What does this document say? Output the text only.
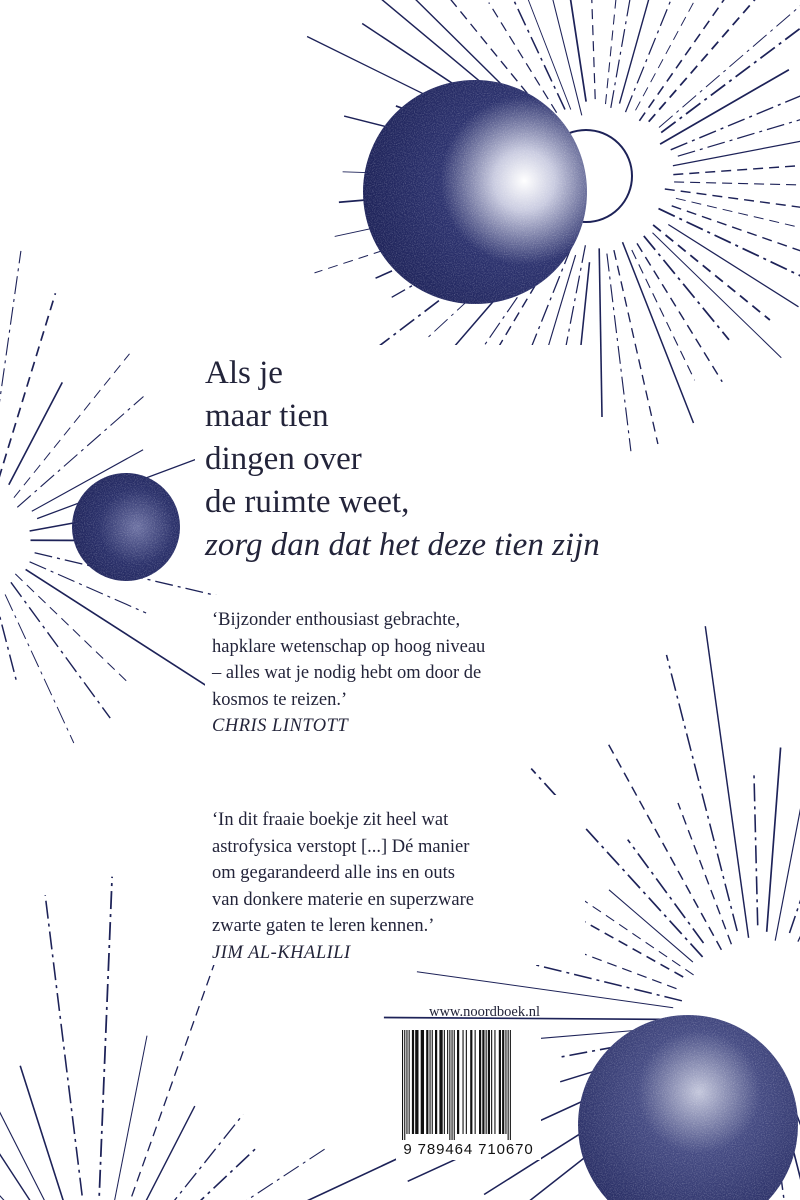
Als je
maar tien
dingen over
de ruimte weet,
zorg dan dat het deze tien zijn
‘Bijzonder enthousiast gebrachte,
hapklare wetenschap op hoog niveau
– alles wat je nodig hebt om door de
kosmos te reizen.’
CHRIS LINTOTT
‘In dit fraaie boekje zit heel wat
astrofysica verstopt [...] Dé manier
om gegarandeerd alle ins en outs
van donkere materie en superzware
zwarte gaten te leren kennen.’
JIM AL-KHALILI
www.noordboek.nl
9 789464 710670
